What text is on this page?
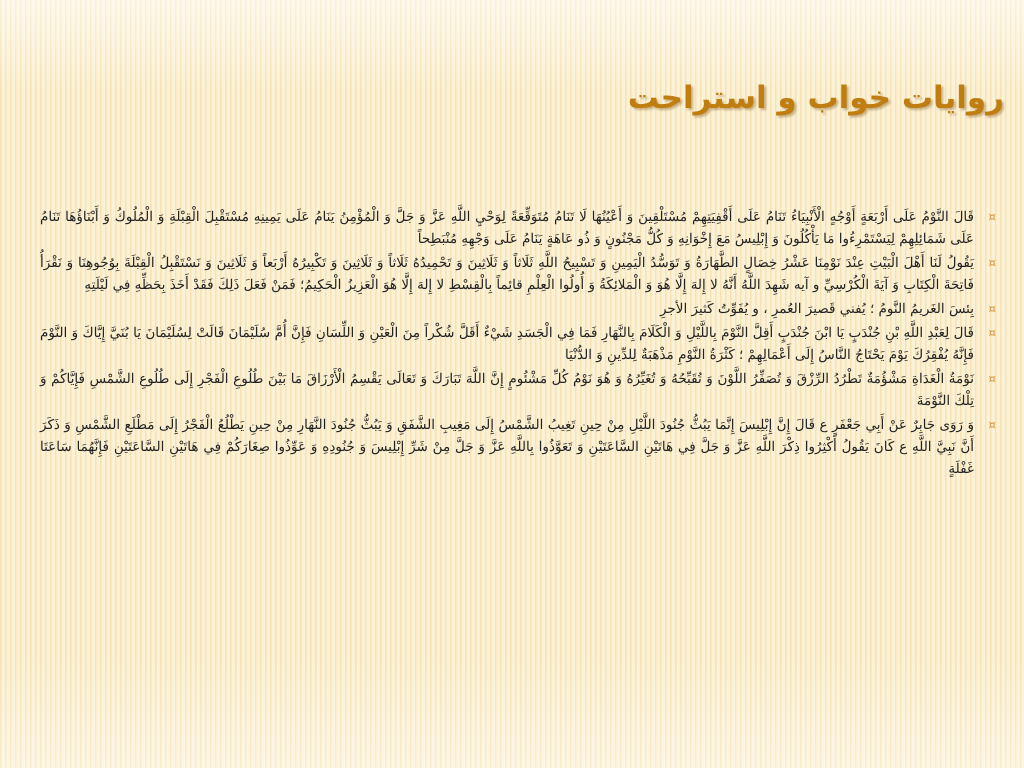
روایات خواب و استراحت
¤
قَالَ النَّوْمُ عَلَى أَرْبَعَةٍ أَوْجُهٍ الْأَنْبِيَاءُ تَنَامُ عَلَى أَقْفِيَتِهِمْ مُسْتَلْقِينَ وَ أَعْيُنُهَا لَا تَنَامُ مُتَوَقِّعَةً لِوَحْيِ اللَّهِ عَزَّ وَ جَلَّ وَ الْمُؤْمِنُ يَنَامُ عَلَى يَمِينِهِ مُسْتَقْبِلَ الْقِبْلَةِ وَ الْمُلُوكُ وَ أَبْنَاؤُهَا تَنَامُ عَلَى شَمَائِلِهِمْ لِيَسْتَمْرِءُوا مَا يَأْكُلُونَ وَ إِبْلِيسُ مَعَ إِخْوَانِهِ وَ كُلُّ مَجْنُونٍ وَ ذُو عَاهَةٍ يَنَامُ عَلَى وَجْهِهِ مُنْبَطِحاً
¤
يَقُولُ لَنَا أَهْلَ الْبَيْتِ عِنْدَ نَوْمِنَا عَشْرُ خِصَالٍ الطَّهَارَةُ وَ تَوَسُّدُ الْيَمِينِ وَ تَسْبِيحُ اللَّهِ ثَلَاثاً وَ ثَلَاثِينَ وَ تَحْمِيدُهُ ثَلَاثاً وَ ثَلَاثِينَ وَ تَكْبِيرُهُ أَرْبَعاً وَ ثَلَاثِينَ وَ نَسْتَقْبِلُ الْقِبْلَةَ بِوُجُوهِنَا وَ نَقْرَأُ فَاتِحَةَ الْكِتَابِ وَ آيَةَ الْكُرْسِيِّ و آيه شَهِدَ اللَّهُ أَنَّهُ لا إِلهَ إِلَّا هُوَ وَ الْمَلائِكَةُ وَ أُولُوا الْعِلْمِ قائِماً بِالْقِسْطِ لا إِلهَ إِلَّا هُوَ الْعَزِيزُ الْحَكِيمُ؛ فَمَنْ فَعَلَ ذَلِكَ فَقَدْ أَخَذَ بِحَظِّهِ فِي لَيْلَتِهِ
¤
بِئسَ الغَريمُ النَّومُ ؛ يُفني قَصيرَ العُمرِ ، و يُفَوِّتُ كَثيرَ الأجرِ
¤
قَالَ لِعَبْدِ اللَّهِ بْنِ جُنْدَبٍ يَا ابْنَ جُنْدَبٍ أَقِلَّ النَّوْمَ بِاللَّيْلِ وَ الْكَلَامَ بِالنَّهَارِ فَمَا فِي الْجَسَدِ شَيْءٌ أَقَلَّ شُكْراً مِنَ الْعَيْنِ وَ اللِّسَانِ فَإِنَّ أُمَّ سُلَيْمَانَ قَالَتْ لِسُلَيْمَانَ يَا بُنَيَّ إِيَّاكَ وَ النَّوْمَ فَإِنَّهُ يُفْقِرُكَ يَوْمَ يَحْتَاجُ النَّاسُ إِلَى أَعْمَالِهِمْ ؛ كَثْرَةُ النَّوْمِ مَذْهَبَةٌ لِلدِّينِ وَ الدُّنْيَا
¤
نَوْمَةُ الْغَدَاةِ مَشْؤُمَةٌ تَطْرُدُ الرِّزْقَ وَ تُصَفِّرُ اللَّوْنَ وَ تُقَبِّحُهُ وَ تُغَيِّرُهُ وَ هُوَ نَوْمُ كُلِّ مَشْئُومٍ إِنَّ اللَّهَ تَبَارَكَ وَ تَعَالَى يَقْسِمُ الْأَرْزَاقَ مَا بَيْنَ طُلُوعِ الْفَجْرِ إِلَى طُلُوعِ الشَّمْسِ فَإِيَّاكُمْ وَ تِلْكَ النَّوْمَةَ
¤
وَ رَوَى جَابِرٌ عَنْ أَبِي جَعْفَرٍ ع قَالَ إِنَّ إِبْلِيسَ إِنَّمَا يَبُثُّ جُنُودَ اللَّيْلِ مِنْ حِينِ تَغِيبُ الشَّمْسُ إِلَى مَغِيبِ الشَّفَقِ وَ يَبُثُّ جُنُودَ النَّهَارِ مِنْ حِينِ يَطْلُعُ الْفَجْرُ إِلَى مَطْلَعِ الشَّمْسِ وَ ذَكَرَ أَنَّ نَبِيَّ اللَّهِ ع كَانَ يَقُولُ أَكْثِرُوا ذِكْرَ اللَّهِ عَزَّ وَ جَلَّ فِي هَاتَيْنِ السَّاعَتَيْنِ وَ تَعَوَّذُوا بِاللَّهِ عَزَّ وَ جَلَّ مِنْ شَرِّ إِبْلِيسَ وَ جُنُودِهِ وَ عَوِّذُوا صِغَارَكُمْ فِي هَاتَيْنِ السَّاعَتَيْنِ فَإِنَّهُمَا سَاعَتَا غَفْلَةٍ
